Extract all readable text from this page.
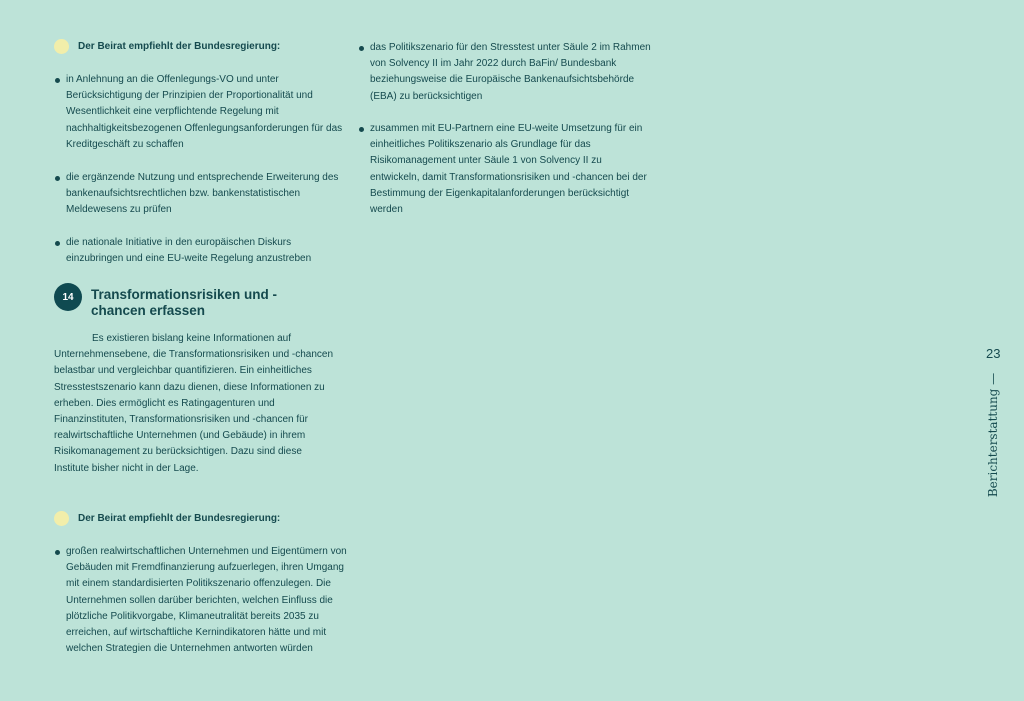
Der Beirat empfiehlt der Bundesregierung:
in Anlehnung an die Offenlegungs-VO und unter Berücksichtigung der Prinzipien der Proportionalität und Wesentlichkeit eine verpflichtende Regelung mit nachhaltigkeitsbezogenen Offenlegungsanforderungen für das Kreditgeschäft zu schaffen
die ergänzende Nutzung und entsprechende Erweiterung des bankenaufsichtsrechtlichen bzw. bankenstatistischen Meldewesens zu prüfen
die nationale Initiative in den europäischen Diskurs einzubringen und eine EU-weite Regelung anzustreben
14	Transformationsrisiken und -chancen erfassen
Es existieren bislang keine Informationen auf Unternehmensebene, die Transformationsrisiken und -chancen belastbar und vergleichbar quantifizieren. Ein einheitliches Stresstestszenario kann dazu dienen, diese Informationen zu erheben. Dies ermöglicht es Ratingagenturen und Finanzinstituten, Transformationsrisiken und -chancen für realwirtschaftliche Unternehmen (und Gebäude) in ihrem Risikomanagement zu berücksichtigen. Dazu sind diese Institute bisher nicht in der Lage.
Der Beirat empfiehlt der Bundesregierung:
großen realwirtschaftlichen Unternehmen und Eigentümern von Gebäuden mit Fremdfinanzierung aufzuerlegen, ihren Umgang mit einem standardisierten Politikszenario offenzulegen. Die Unternehmen sollen darüber berichten, welchen Einfluss die plötzliche Politikvorgabe, Klimaneutralität bereits 2035 zu erreichen, auf wirtschaftliche Kernindikatoren hätte und mit welchen Strategien die Unternehmen antworten würden
das Politikszenario für den Stresstest unter Säule 2 im Rahmen von Solvency II im Jahr 2022 durch BaFin/ Bundesbank beziehungsweise die Europäische Bankenaufsichtsbehörde (EBA) zu berücksichtigen
zusammen mit EU-Partnern eine EU-weite Umsetzung für ein einheitliches Politikszenario als Grundlage für das Risikomanagement unter Säule 1 von Solvency II zu entwickeln, damit Transformationsrisiken und -chancen bei der Bestimmung der Eigenkapitalanforderungen berücksichtigt werden
23
Berichterstattung —
